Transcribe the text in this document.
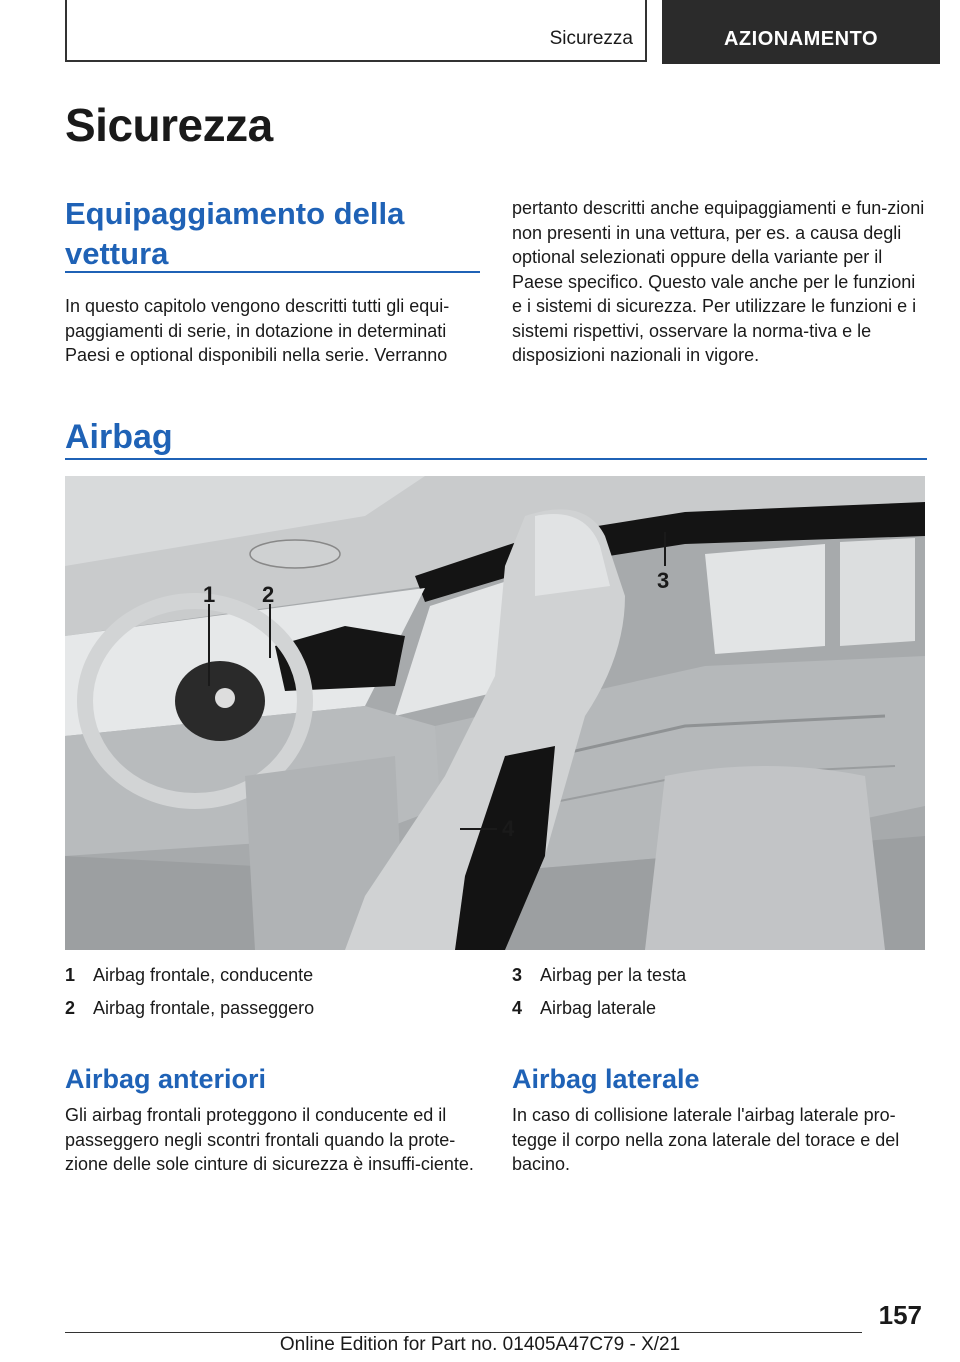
Sicurezza	AZIONAMENTO
Sicurezza
Equipaggiamento della vettura

In questo capitolo vengono descritti tutti gli equi-paggiamenti di serie, in dotazione in determinati Paesi e optional disponibili nella serie. Verranno

pertanto descritti anche equipaggiamenti e fun-zioni non presenti in una vettura, per es. a causa degli optional selezionati oppure della variante per il Paese specifico. Questo vale anche per le funzioni e i sistemi di sicurezza. Per utilizzare le funzioni e i sistemi rispettivi, osservare la norma-tiva e le disposizioni nazionali in vigore.

Airbag
1 2
3
4
1 Airbag frontale, conducente
2 Airbag frontale, passeggero
3 Airbag per la testa
4 Airbag laterale
Airbag anteriori

Gli airbag frontali proteggono il conducente ed il passeggero negli scontri frontali quando la prote-zione delle sole cinture di sicurezza è insuffi-ciente.

Airbag laterale

In caso di collisione laterale l'airbag laterale pro-tegge il corpo nella zona laterale del torace e del bacino.

157
Online Edition for Part no. 01405A47C79 - X/21
